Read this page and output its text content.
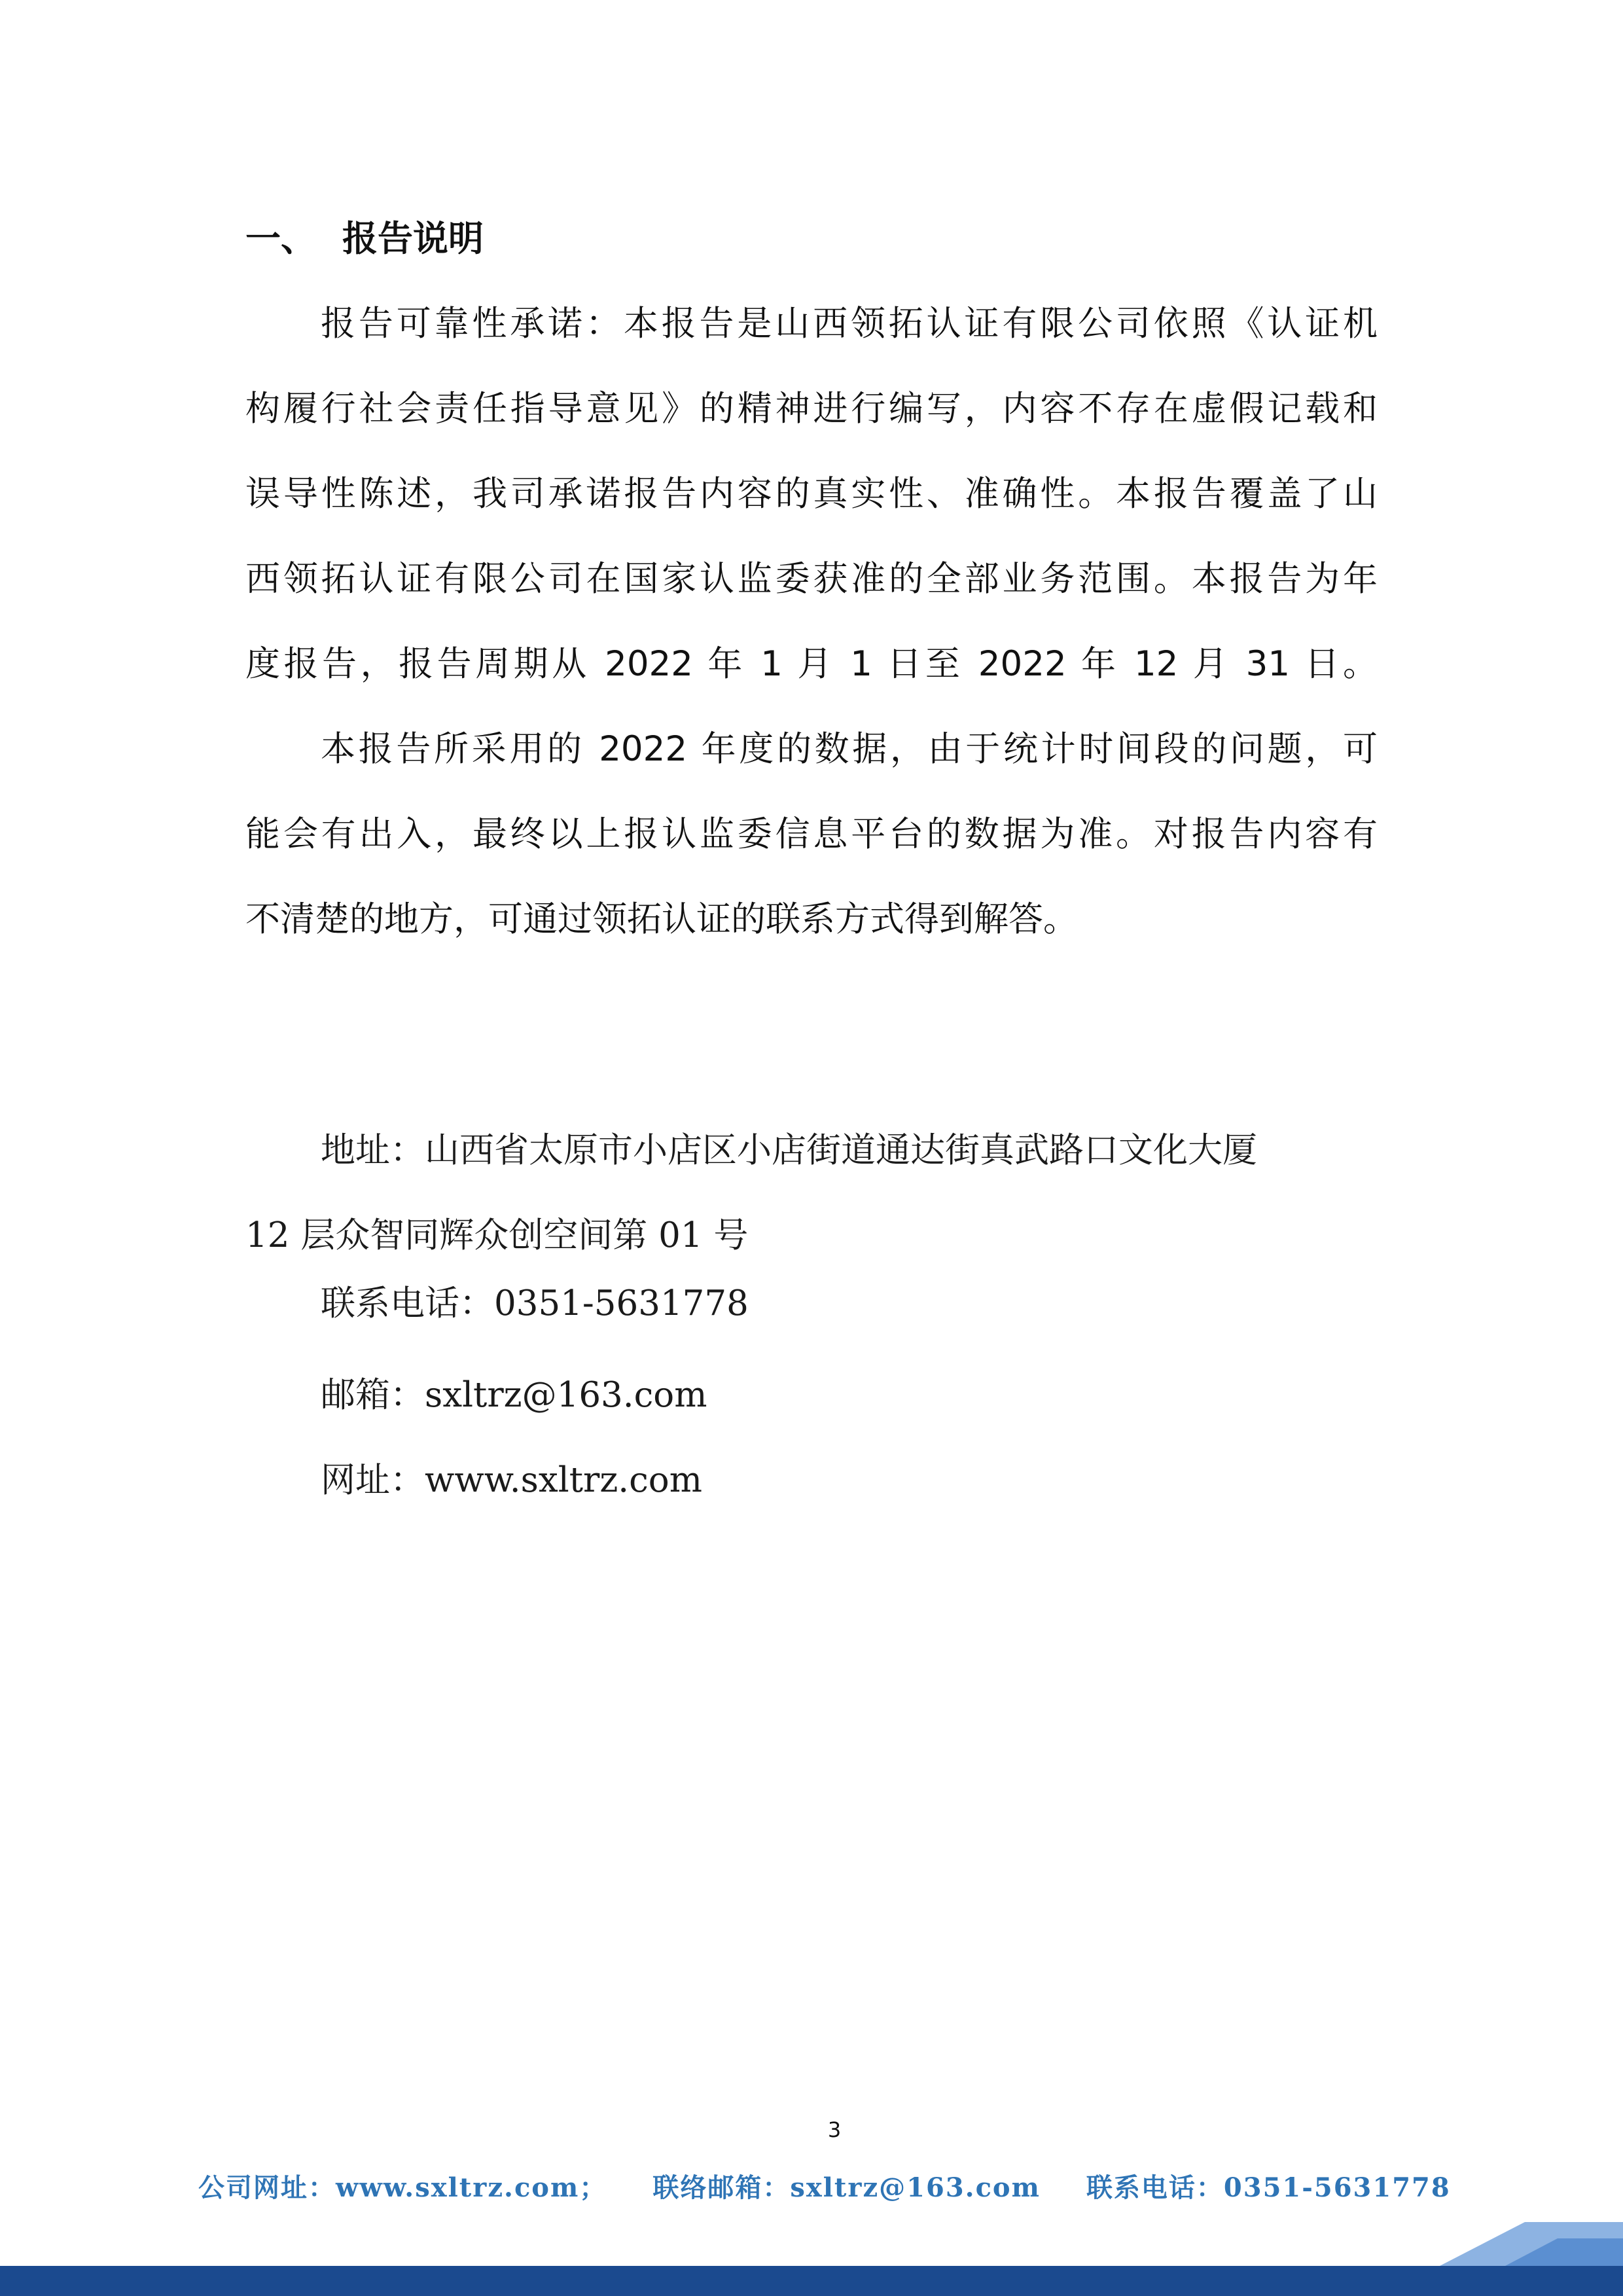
一、 报告说明
报告可靠性承诺：本报告是山西领拓认证有限公司依照《认证机
构履行社会责任指导意见》的精神进行编写，内容不存在虚假记载和
误导性陈述，我司承诺报告内容的真实性、准确性。本报告覆盖了山
西领拓认证有限公司在国家认监委获准的全部业务范围。本报告为年
度报告，报告周期从 2022 年 1 月 1 日至 2022 年 12 月 31 日。
本报告所采用的 2022 年度的数据，由于统计时间段的问题，可
能会有出入，最终以上报认监委信息平台的数据为准。对报告内容有
不清楚的地方，可通过领拓认证的联系方式得到解答。
地址：山西省太原市小店区小店街道通达街真武路口文化大厦
12 层众智同辉众创空间第 01 号
联系电话：0351-5631778
邮箱：sxltrz@163.com
网址：www.sxltrz.com
3
公司网址：www.sxltrz.com； 联络邮箱：sxltrz@163.com 联系电话：0351-5631778
